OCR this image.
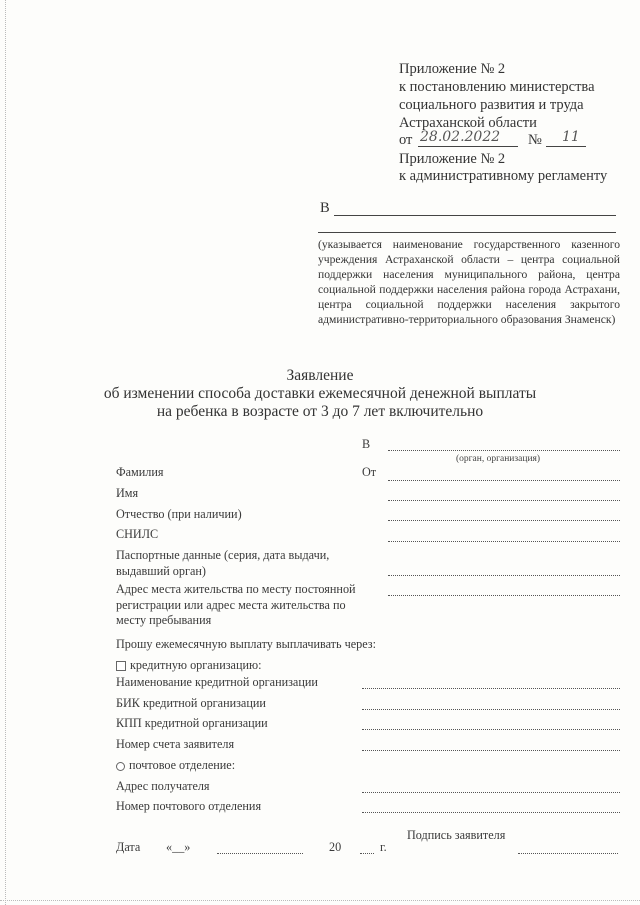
Приложение № 2
к постановлению министерства
социального развития и труда
Астраханской области
от 28.02.2022 № 11
Приложение № 2
к административному регламенту
В
(указывается наименование государственного казенного учреждения Астраханской области – центра социальной поддержки населения муниципального района, центра социальной поддержки населения района города Астрахани, центра социальной поддержки населения закрытого административно-территориального образования Знаменск)
Заявление
об изменении способа доставки ежемесячной денежной выплаты
на ребенка в возрасте от 3 до 7 лет включительно
В
(орган, организация)
Фамилия	От
Имя
Отчество (при наличии)
СНИЛС
Паспортные данные (серия, дата выдачи,
выдавший орган)
Адрес места жительства по месту постоянной
регистрации или адрес места жительства по
месту пребывания
Прошу ежемесячную выплату выплачивать через:
кредитную организацию:
Наименование кредитной организации
БИК кредитной организации
КПП кредитной организации
Номер счета заявителя
почтовое отделение:
Адрес получателя
Номер почтового отделения
Подпись заявителя
Дата «__»	20	г.
